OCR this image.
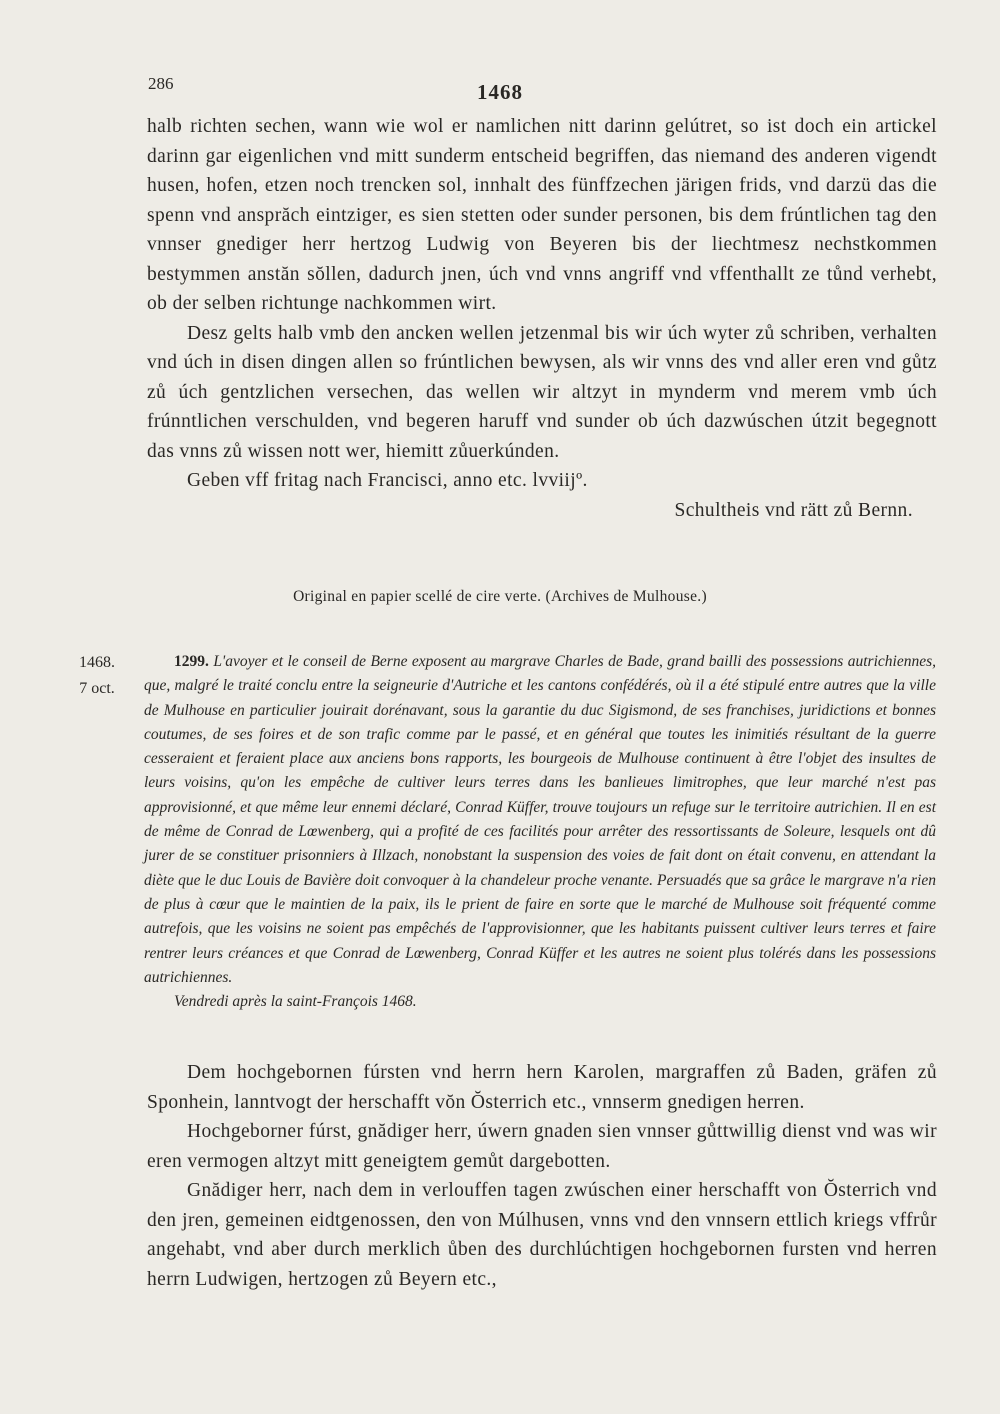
286	1468

halb richten sechen, wann wie wol er namlichen nitt darinn gelútret, so ist doch ein artickel darinn gar eigenlichen vnd mitt sunderm entscheid begriffen, das niemand des anderen vigendt husen, hofen, etzen noch trencken sol, innhalt des fünffzechen järigen frids, vnd darzü das die spenn vnd ansprăch eintziger, es sien stetten oder sunder personen, bis dem frúntlichen tag den vnnser gnediger herr hertzog Ludwig von Beyeren bis der liechtmesz nechstkommen bestymmen anstăn sŏllen, dadurch jnen, úch vnd vnns angriff vnd vffenthallt ze tůnd verhebt, ob der selben richtunge nachkommen wirt.

Desz gelts halb vmb den ancken wellen jetzenmal bis wir úch wyter zů schriben, verhalten vnd úch in disen dingen allen so frúntlichen bewysen, als wir vnns des vnd aller eren vnd gůtz zů úch gentzlichen versechen, das wellen wir altzyt in mynderm vnd merem vmb úch frúnntlichen verschulden, vnd begeren haruff vnd sunder ob úch dazwúschen útzit begegnott das vnns zů wissen nott wer, hiemitt zůuerkúnden.

Geben vff fritag nach Francisci, anno etc. lvviijº.

Schultheis vnd rätt zů Bernn.

Original en papier scellé de cire verte. (Archives de Mulhouse.)
1468.
7 oct.

1299. L'avoyer et le conseil de Berne exposent au margrave Charles de Bade, grand bailli des possessions autrichiennes, que, malgré le traité conclu entre la seigneurie d'Autriche et les cantons confédérés, où il a été stipulé entre autres que la ville de Mulhouse en particulier jouirait dorénavant, sous la garantie du duc Sigismond, de ses franchises, juridictions et bonnes coutumes, de ses foires et de son trafic comme par le passé, et en général que toutes les inimitiés résultant de la guerre cesseraient et feraient place aux anciens bons rapports, les bourgeois de Mulhouse continuent à être l'objet des insultes de leurs voisins, qu'on les empêche de cultiver leurs terres dans les banlieues limitrophes, que leur marché n'est pas approvisionné, et que même leur ennemi déclaré, Conrad Küffer, trouve toujours un refuge sur le territoire autrichien. Il en est de même de Conrad de Lœwenberg, qui a profité de ces facilités pour arrêter des ressortissants de Soleure, lesquels ont dû jurer de se constituer prisonniers à Illzach, nonobstant la suspension des voies de fait dont on était convenu, en attendant la diète que le duc Louis de Bavière doit convoquer à la chandeleur proche venante. Persuadés que sa grâce le margrave n'a rien de plus à cœur que le maintien de la paix, ils le prient de faire en sorte que le marché de Mulhouse soit fréquenté comme autrefois, que les voisins ne soient pas empêchés de l'approvisionner, que les habitants puissent cultiver leurs terres et faire rentrer leurs créances et que Conrad de Lœwenberg, Conrad Küffer et les autres ne soient plus tolérés dans les possessions autrichiennes.

Vendredi après la saint-François 1468.

Dem hochgebornen fúrsten vnd herrn hern Karolen, margraffen zů Baden, gräfen zů Sponhein, lanntvogt der herschafft vŏn Ŏsterrich etc., vnnserm gnedigen herren.

Hochgeborner fúrst, gnădiger herr, úwern gnaden sien vnnser gůttwillig dienst vnd was wir eren vermogen altzyt mitt geneigtem gemůt dargebotten.

Gnădiger herr, nach dem in verlouffen tagen zwúschen einer herschafft von Ŏsterrich vnd den jren, gemeinen eidtgenossen, den von Múlhusen, vnns vnd den vnnsern ettlich kriegs vffrůr angehabt, vnd aber durch merklich ůben des durchlúchtigen hochgebornen fursten vnd herren herrn Ludwigen, hertzogen zů Beyern etc.,
